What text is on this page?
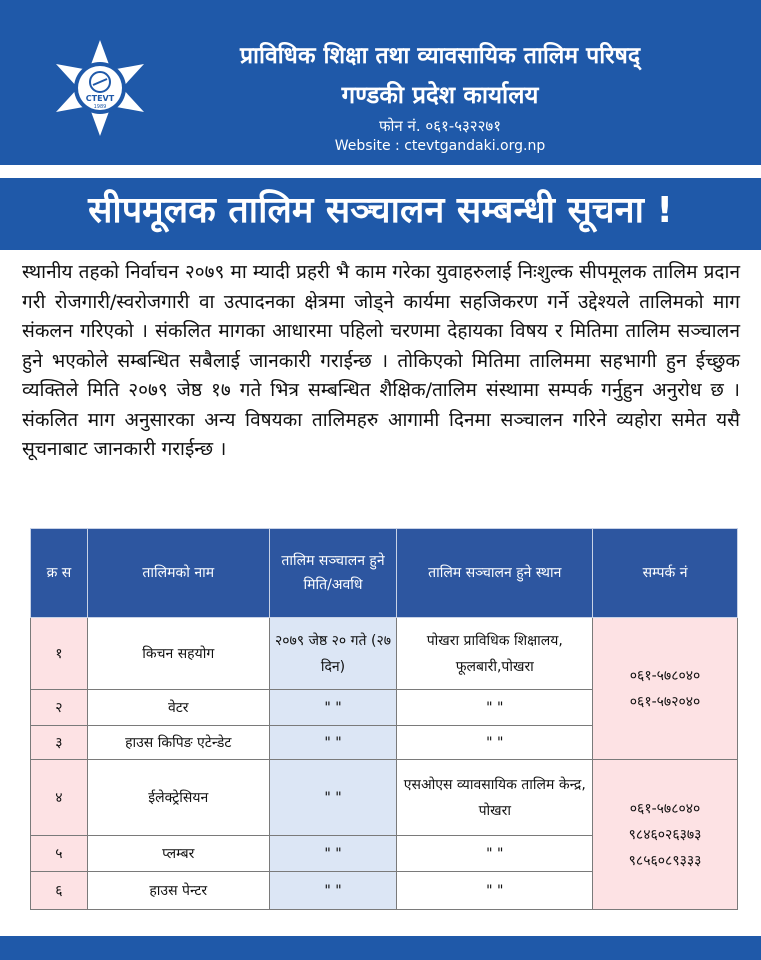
CTEVT
1989
प्राविधिक शिक्षा तथा व्यावसायिक तालिम परिषद्
गण्डकी प्रदेश कार्यालय
फोन नं. ०६१-५३२२७१
Website : ctevtgandaki.org.np
सीपमूलक तालिम सञ्चालन सम्बन्धी सूचना !
स्थानीय तहको निर्वाचन २०७९ मा म्यादी प्रहरी भै काम गरेका युवाहरुलाई निःशुल्क सीपमूलक तालिम प्रदान गरी रोजगारी/स्वरोजगारी वा उत्पादनका क्षेत्रमा जोड्ने कार्यमा सहजिकरण गर्ने उद्देश्यले तालिमको माग संकलन गरिएको । संकलित मागका आधारमा पहिलो चरणमा देहायका विषय र मितिमा तालिम सञ्चालन हुने भएकोले सम्बन्धित सबैलाई जानकारी गराईन्छ । तोकिएको मितिमा तालिममा सहभागी हुन ईच्छुक व्यक्तिले मिति २०७९ जेष्ठ १७ गते भित्र सम्बन्धित शैक्षिक/तालिम संस्थामा सम्पर्क गर्नुहुन अनुरोध छ । संकलित माग अनुसारका अन्य विषयका तालिमहरु आगामी दिनमा सञ्चालन गरिने व्यहोरा समेत यसै सूचनाबाट जानकारी गराईन्छ ।
क्र स	तालिमको नाम	तालिम सञ्चालन हुने मिति/अवधि	तालिम सञ्चालन हुने स्थान	सम्पर्क नं
१	किचन सहयोग	२०७९ जेष्ठ २० गते (२७ दिन)	पोखरा प्राविधिक शिक्षालय, फूलबारी,पोखरा	०६१-५७८०४०
०६१-५७२०४०

२	वेटर	" "	" "	
३	हाउस किपिङ एटेन्डेट	" "	" "	
४	ईलेक्ट्रेसियन	" "	एसओएस व्यावसायिक तालिम केन्द्र, पोखरा	०६१-५७८०४०
९८४६०२६३७३
९८५६०८९३३३

५	प्लम्बर	" "	" "	
६	हाउस पेन्टर	" "	" "	
